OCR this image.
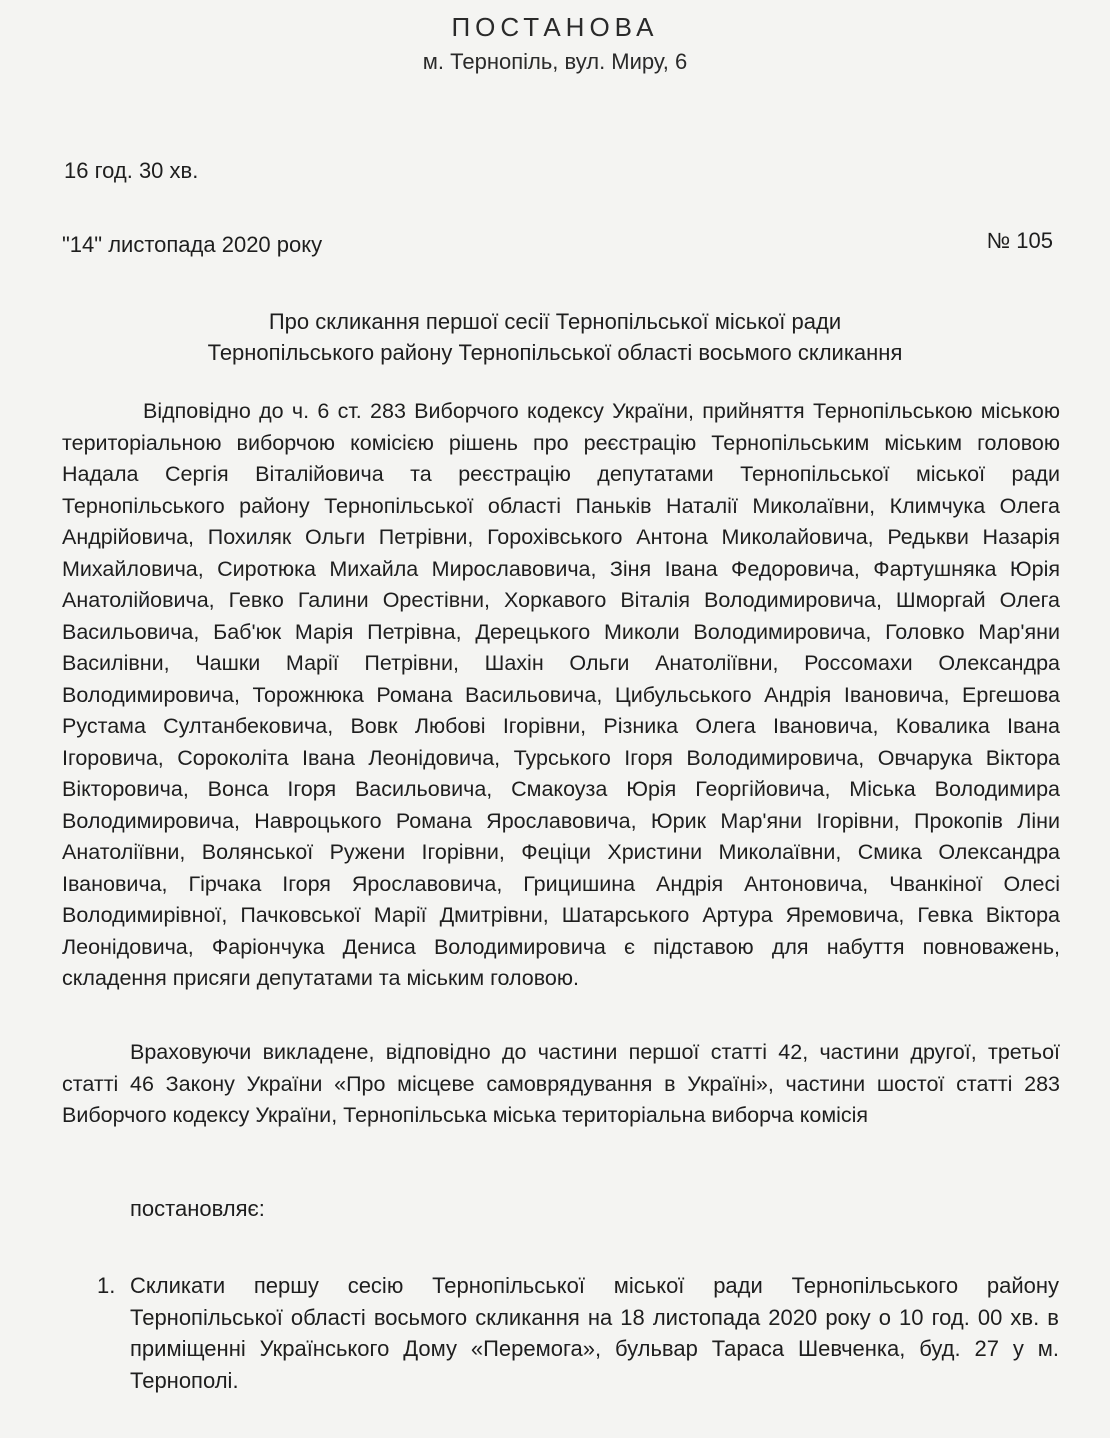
ПОСТАНОВА
м. Тернопіль, вул. Миру, 6
16 год. 30 хв.
"14" листопада 2020 року	№ 105
Про скликання першої сесії Тернопільської міської ради
Тернопільського району Тернопільської області восьмого скликання
Відповідно до ч. 6 ст. 283 Виборчого кодексу України, прийняття Тернопільською міською територіальною виборчою комісією рішень про реєстрацію Тернопільським міським головою Надала Сергія Віталійовича та реєстрацію депутатами Тернопільської міської ради Тернопільського району Тернопільської області Паньків Наталії Миколаївни, Климчука Олега Андрійовича, Похиляк Ольги Петрівни, Горохівського Антона Миколайовича, Редькви Назарія Михайловича, Сиротюка Михайла Мирославовича, Зіня Івана Федоровича, Фартушняка Юрія Анатолійовича, Гевко Галини Орестівни, Хоркавого Віталія Володимировича, Шморгай Олега Васильовича, Баб'юк Марія Петрівна, Дерецького Миколи Володимировича, Головко Мар'яни Василівни, Чашки Марії Петрівни, Шахін Ольги Анатоліївни, Россомахи Олександра Володимировича, Торожнюка Романа Васильовича, Цибульського Андрія Івановича, Ергешова Рустама Султанбековича, Вовк Любові Ігорівни, Різника Олега Івановича, Ковалика Івана Ігоровича, Сороколіта Івана Леонідовича, Турського Ігоря Володимировича, Овчарука Віктора Вікторовича, Вонса Ігоря Васильовича, Смакоуза Юрія Георгійовича, Міська Володимира Володимировича, Навроцького Романа Ярославовича, Юрик Мар'яни Ігорівни, Прокопів Ліни Анатоліївни, Волянської Ружени Ігорівни, Феціци Христини Миколаївни, Смика Олександра Івановича, Гірчака Ігоря Ярославовича, Грицишина Андрія Антоновича, Чванкіної Олесі Володимирівної, Пачковської Марії Дмитрівни, Шатарського Артура Яремовича, Гевка Віктора Леонідовича, Фаріончука Дениса Володимировича є підставою для набуття повноважень, складення присяги депутатами та міським головою.
Враховуючи викладене, відповідно до частини першої статті 42, частини другої, третьої статті 46 Закону України «Про місцеве самоврядування в Україні», частини шостої статті 283 Виборчого кодексу України, Тернопільська міська територіальна виборча комісія
постановляє:
1. Скликати першу сесію Тернопільської міської ради Тернопільського району Тернопільської області восьмого скликання на 18 листопада 2020 року о 10 год. 00 хв. в приміщенні Українського Дому «Перемога», бульвар Тараса Шевченка, буд. 27 у м. Тернополі.
